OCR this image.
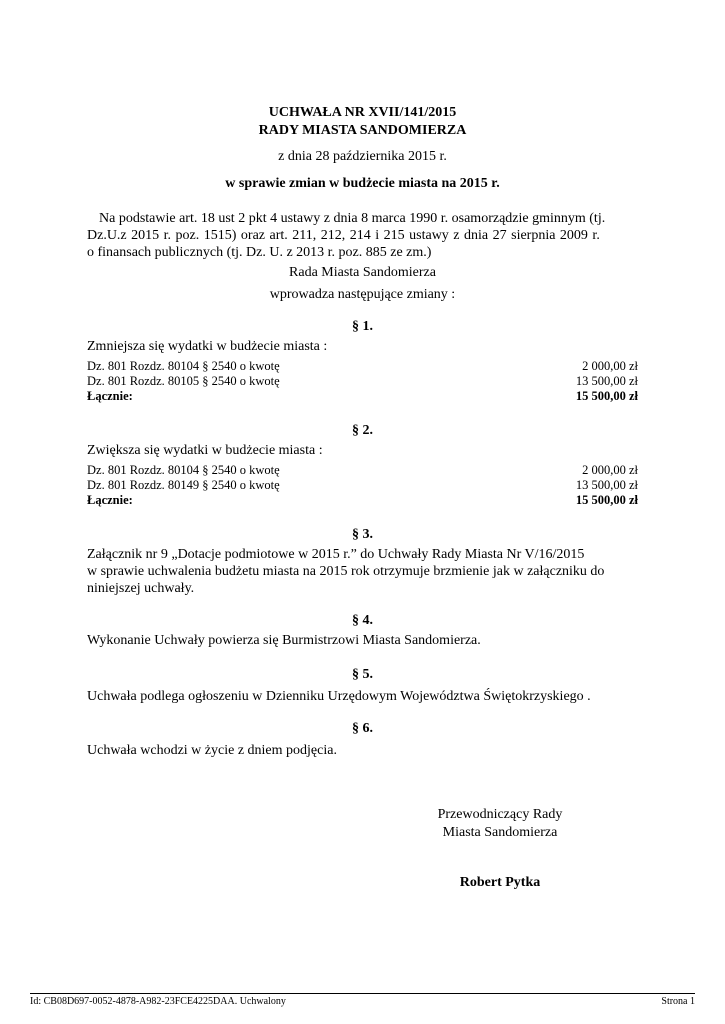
UCHWAŁA NR XVII/141/2015
RADY MIASTA SANDOMIERZA
z dnia 28 października 2015 r.
w sprawie zmian w budżecie miasta na 2015 r.
Na podstawie art. 18 ust 2 pkt 4 ustawy z dnia 8 marca 1990 r. osamorządzie gminnym (tj.
Dz.U.z 2015 r. poz. 1515) oraz art. 211, 212, 214 i 215 ustawy z dnia 27 sierpnia 2009 r.
o finansach publicznych (tj. Dz. U. z 2013 r. poz. 885 ze zm.)
Rada Miasta Sandomierza
wprowadza następujące zmiany :
§ 1.
Zmniejsza się wydatki w budżecie miasta :
Dz. 801 Rozdz. 80104 § 2540 o kwotę	2 000,00 zł
Dz. 801 Rozdz. 80105 § 2540 o kwotę	13 500,00 zł
Łącznie:	15 500,00 zł
§ 2.
Zwiększa się wydatki w budżecie miasta :
Dz. 801 Rozdz. 80104 § 2540 o kwotę	2 000,00 zł
Dz. 801 Rozdz. 80149 § 2540 o kwotę	13 500,00 zł
Łącznie:	15 500,00 zł
§ 3.
Załącznik nr 9 „Dotacje podmiotowe w 2015 r.” do Uchwały Rady Miasta Nr V/16/2015
w sprawie uchwalenia budżetu miasta na 2015 rok otrzymuje brzmienie jak w załączniku do
niniejszej uchwały.
§ 4.
Wykonanie Uchwały powierza się Burmistrzowi Miasta Sandomierza.
§ 5.
Uchwała podlega ogłoszeniu w Dzienniku Urzędowym Województwa Świętokrzyskiego .
§ 6.
Uchwała wchodzi w życie z dniem podjęcia.
Przewodniczący Rady
Miasta Sandomierza
Robert Pytka
Id: CB08D697-0052-4878-A982-23FCE4225DAA. Uchwalony	Strona 1
